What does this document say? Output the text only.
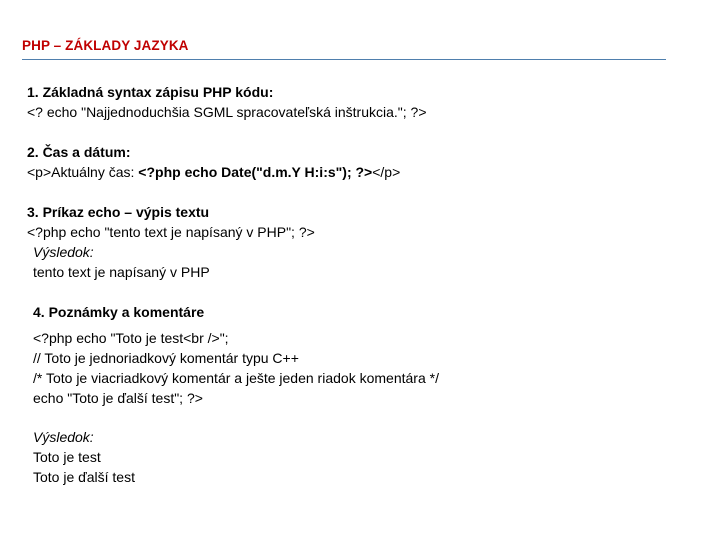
PHP – ZÁKLADY JAZYKA
1. Základná syntax zápisu PHP kódu:
<? echo "Najjednoduchšia SGML spracovateľská inštrukcia."; ?>
2. Čas a dátum:
<p>Aktuálny čas: <?php echo Date("d.m.Y H:i:s"); ?></p>
3. Príkaz echo – výpis textu
<?php echo "tento text je napísaný v PHP"; ?>
Výsledok:
tento text je napísaný v PHP
4. Poznámky a komentáre
<?php echo "Toto je test<br />";
// Toto je jednoriadkový komentár typu C++
/* Toto je viacriadkový komentár a ješte jeden riadok komentára */
echo "Toto je ďalší test"; ?>
Výsledok:
Toto je test
Toto je ďalší test
